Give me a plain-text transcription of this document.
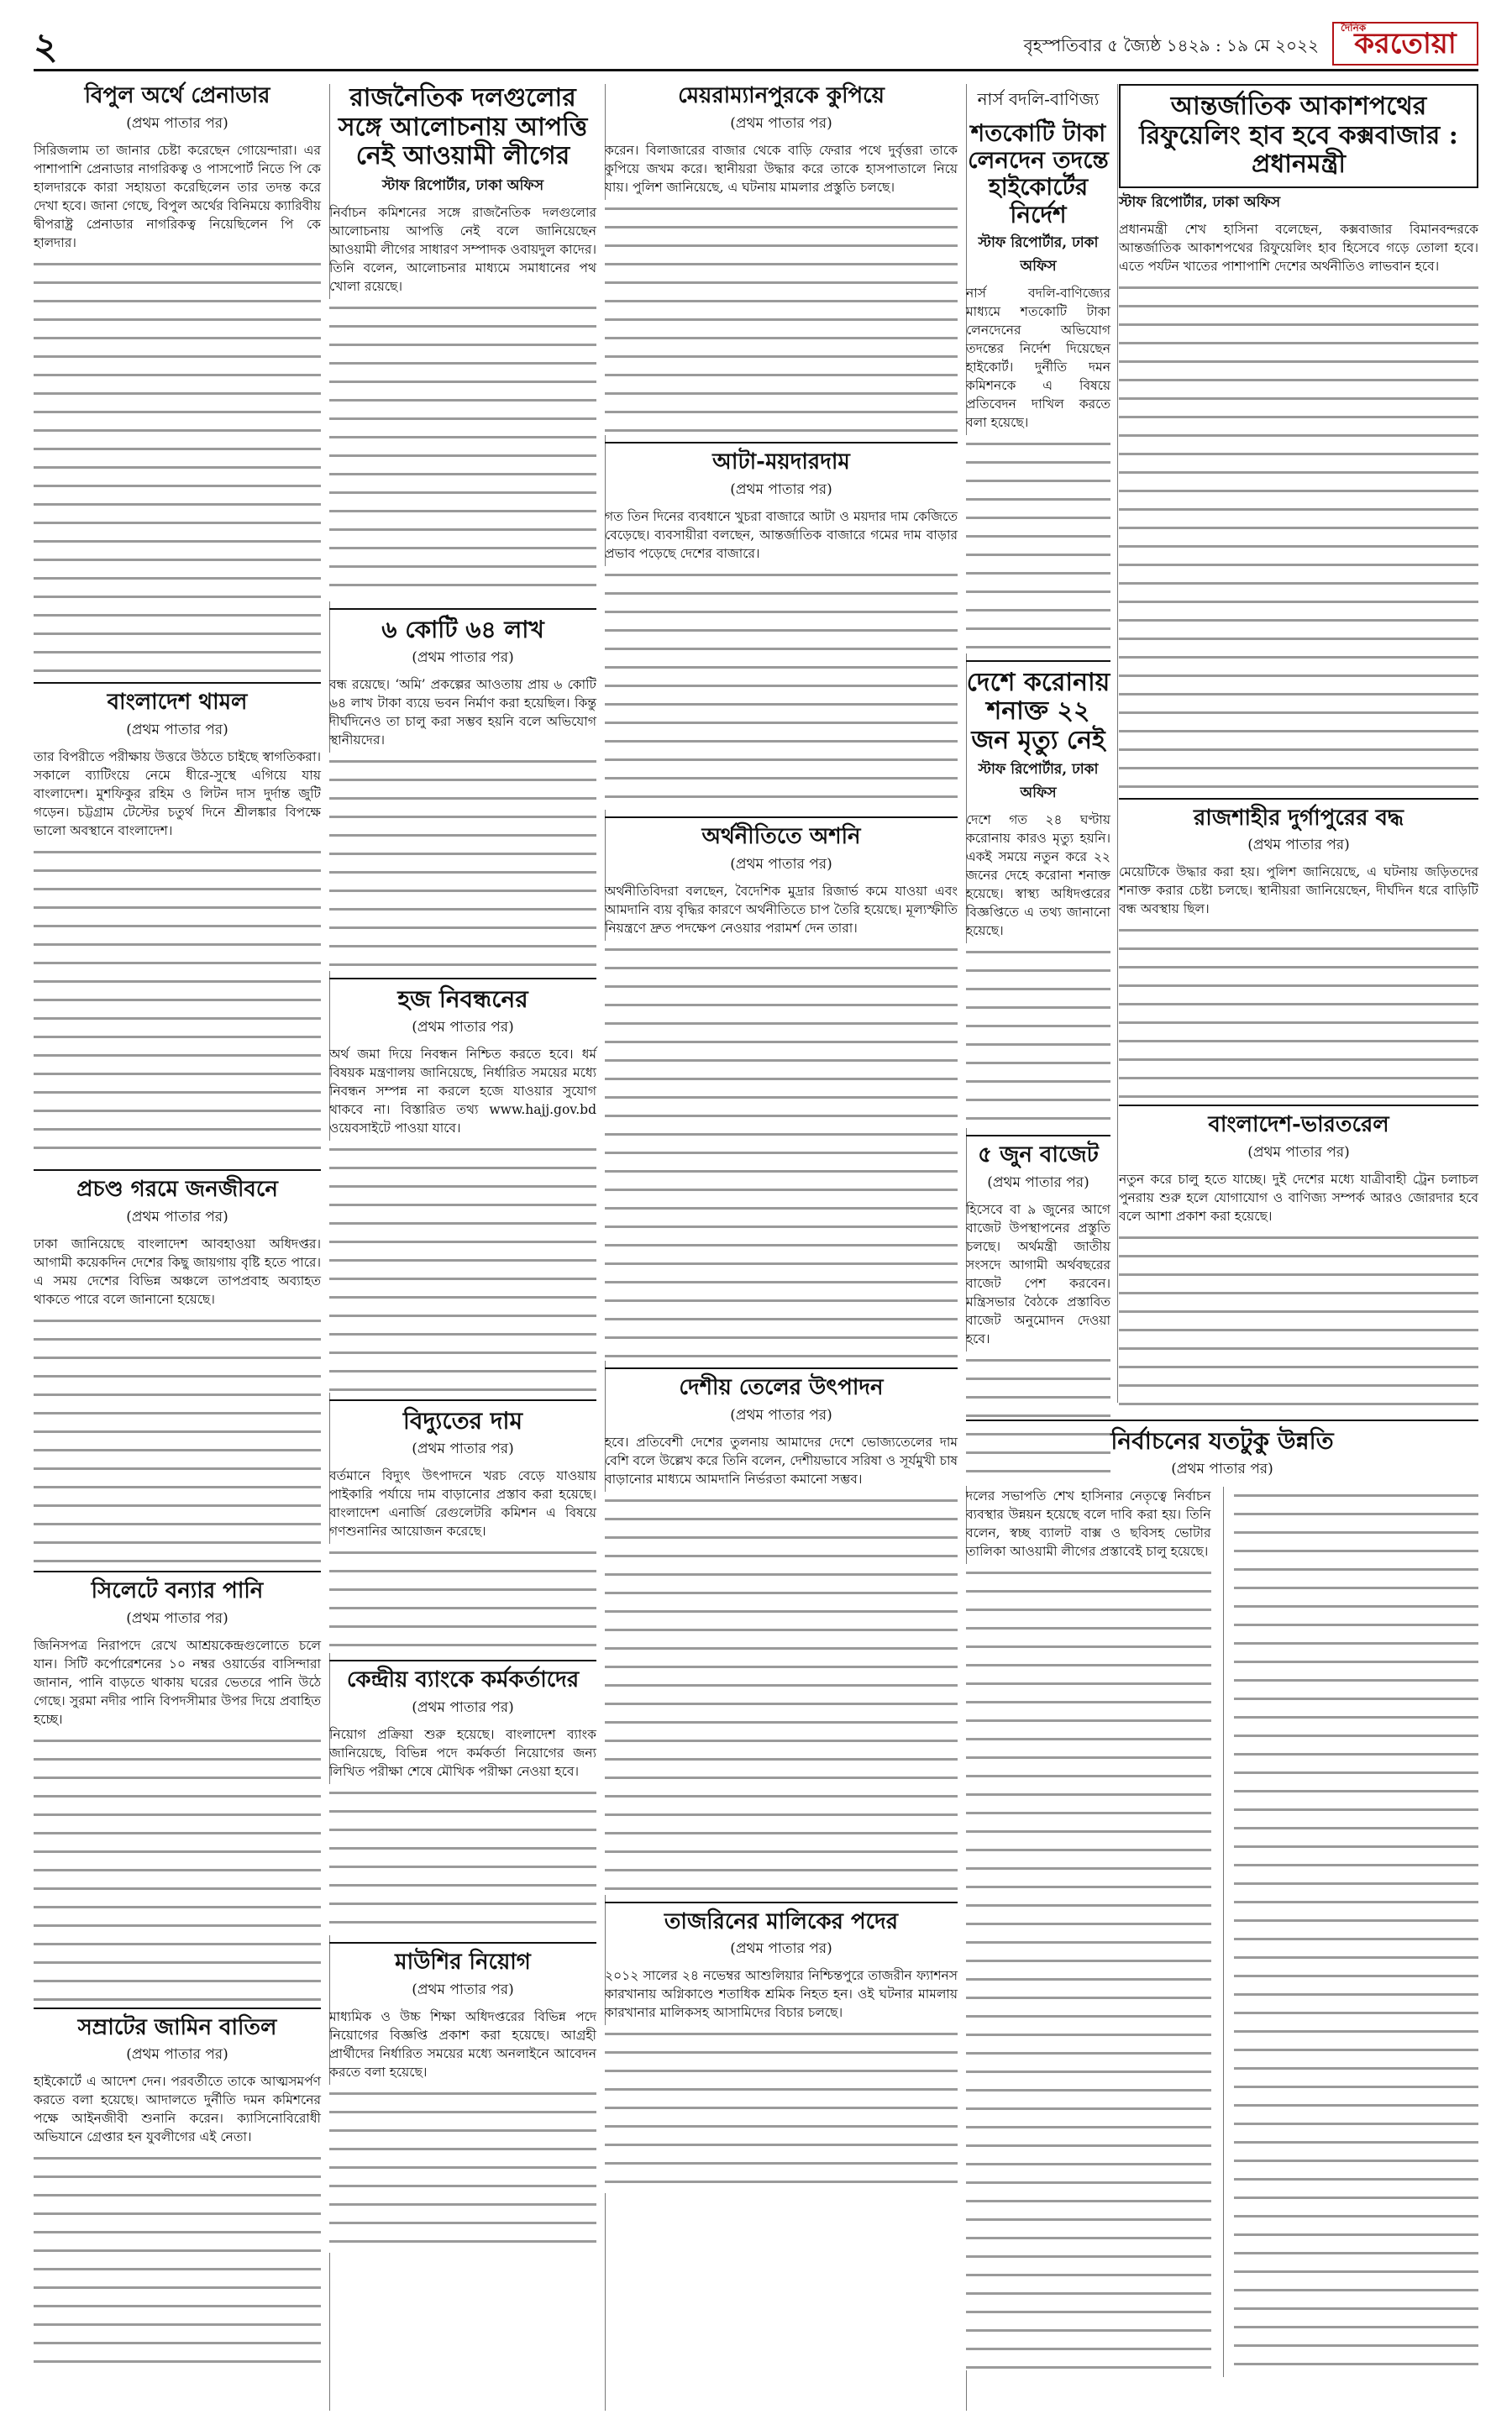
২	বৃহস্পতিবার ৫ জ্যৈষ্ঠ ১৪২৯ : ১৯ মে ২০২২
দৈনিক
করতোয়া
বিপুল অর্থে প্রেনাডার
(প্রথম পাতার পর)

সিরিজলাম তা জানার চেষ্টা করেছেন গোয়েন্দারা। এর পাশাপাশি প্রেনাডার নাগরিকত্ব ও পাসপোর্ট নিতে পি কে হালদারকে কারা সহায়তা করেছিলেন তার তদন্ত করে দেখা হবে। জানা গেছে, বিপুল অর্থের বিনিময়ে ক্যারিবীয় দ্বীপরাষ্ট্র প্রেনাডার নাগরিকত্ব নিয়েছিলেন পি কে হালদার।

বাংলাদেশ থামল
(প্রথম পাতার পর)

তার বিপরীতে পরীক্ষায় উত্তরে উঠতে চাইছে স্বাগতিকরা। সকালে ব্যাটিংয়ে নেমে ধীরে-সুস্থে এগিয়ে যায় বাংলাদেশ। মুশফিকুর রহিম ও লিটন দাস দুর্দান্ত জুটি গড়েন। চট্টগ্রাম টেস্টের চতুর্থ দিনে শ্রীলঙ্কার বিপক্ষে ভালো অবস্থানে বাংলাদেশ।

প্রচণ্ড গরমে জনজীবনে
(প্রথম পাতার পর)

ঢাকা জানিয়েছে বাংলাদেশ আবহাওয়া অধিদপ্তর। আগামী কয়েকদিন দেশের কিছু জায়গায় বৃষ্টি হতে পারে। এ সময় দেশের বিভিন্ন অঞ্চলে তাপপ্রবাহ অব্যাহত থাকতে পারে বলে জানানো হয়েছে।

সিলেটে বন্যার পানি
(প্রথম পাতার পর)

জিনিসপত্র নিরাপদে রেখে আশ্রয়কেন্দ্রগুলোতে চলে যান। সিটি কর্পোরেশনের ১০ নম্বর ওয়ার্ডের বাসিন্দারা জানান, পানি বাড়তে থাকায় ঘরের ভেতরে পানি উঠে গেছে। সুরমা নদীর পানি বিপদসীমার উপর দিয়ে প্রবাহিত হচ্ছে।

সম্রাটের জামিন বাতিল
(প্রথম পাতার পর)

হাইকোর্টে এ আদেশ দেন। পরবর্তীতে তাকে আত্মসমর্পণ করতে বলা হয়েছে। আদালতে দুর্নীতি দমন কমিশনের পক্ষে আইনজীবী শুনানি করেন। ক্যাসিনোবিরোধী অভিযানে গ্রেপ্তার হন যুবলীগের এই নেতা।

রাজনৈতিক দলগুলোর সঙ্গে আলোচনায় আপত্তি নেই আওয়ামী লীগের
স্টাফ রিপোর্টার, ঢাকা অফিস

নির্বাচন কমিশনের সঙ্গে রাজনৈতিক দলগুলোর আলোচনায় আপত্তি নেই বলে জানিয়েছেন আওয়ামী লীগের সাধারণ সম্পাদক ওবায়দুল কাদের। তিনি বলেন, আলোচনার মাধ্যমে সমাধানের পথ খোলা রয়েছে।

৬ কোটি ৬৪ লাখ
(প্রথম পাতার পর)

বন্ধ রয়েছে। ‘অমি’ প্রকল্পের আওতায় প্রায় ৬ কোটি ৬৪ লাখ টাকা ব্যয়ে ভবন নির্মাণ করা হয়েছিল। কিন্তু দীর্ঘদিনেও তা চালু করা সম্ভব হয়নি বলে অভিযোগ স্থানীয়দের।

হজ নিবন্ধনের
(প্রথম পাতার পর)

অর্থ জমা দিয়ে নিবন্ধন নিশ্চিত করতে হবে। ধর্ম বিষয়ক মন্ত্রণালয় জানিয়েছে, নির্ধারিত সময়ের মধ্যে নিবন্ধন সম্পন্ন না করলে হজে যাওয়ার সুযোগ থাকবে না। বিস্তারিত তথ্য www.hajj.gov.bd ওয়েবসাইটে পাওয়া যাবে।

বিদ্যুতের দাম
(প্রথম পাতার পর)

বর্তমানে বিদ্যুৎ উৎপাদনে খরচ বেড়ে যাওয়ায় পাইকারি পর্যায়ে দাম বাড়ানোর প্রস্তাব করা হয়েছে। বাংলাদেশ এনার্জি রেগুলেটরি কমিশন এ বিষয়ে গণশুনানির আয়োজন করেছে।

কেন্দ্রীয় ব্যাংকে কর্মকর্তাদের
(প্রথম পাতার পর)

নিয়োগ প্রক্রিয়া শুরু হয়েছে। বাংলাদেশ ব্যাংক জানিয়েছে, বিভিন্ন পদে কর্মকর্তা নিয়োগের জন্য লিখিত পরীক্ষা শেষে মৌখিক পরীক্ষা নেওয়া হবে।

মাউশির নিয়োগ
(প্রথম পাতার পর)

মাধ্যমিক ও উচ্চ শিক্ষা অধিদপ্তরের বিভিন্ন পদে নিয়োগের বিজ্ঞপ্তি প্রকাশ করা হয়েছে। আগ্রহী প্রার্থীদের নির্ধারিত সময়ের মধ্যে অনলাইনে আবেদন করতে বলা হয়েছে।

মেয়রাম্যানপুরকে কুপিয়ে
(প্রথম পাতার পর)

করেন। বিলাজারের বাজার থেকে বাড়ি ফেরার পথে দুর্বৃত্তরা তাকে কুপিয়ে জখম করে। স্থানীয়রা উদ্ধার করে তাকে হাসপাতালে নিয়ে যায়। পুলিশ জানিয়েছে, এ ঘটনায় মামলার প্রস্তুতি চলছে।

আটা-ময়দারদাম
(প্রথম পাতার পর)

গত তিন দিনের ব্যবধানে খুচরা বাজারে আটা ও ময়দার দাম কেজিতে বেড়েছে। ব্যবসায়ীরা বলছেন, আন্তর্জাতিক বাজারে গমের দাম বাড়ার প্রভাব পড়েছে দেশের বাজারে।

অর্থনীতিতে অশনি
(প্রথম পাতার পর)

অর্থনীতিবিদরা বলছেন, বৈদেশিক মুদ্রার রিজার্ভ কমে যাওয়া এবং আমদানি ব্যয় বৃদ্ধির কারণে অর্থনীতিতে চাপ তৈরি হয়েছে। মূল্যস্ফীতি নিয়ন্ত্রণে দ্রুত পদক্ষেপ নেওয়ার পরামর্শ দেন তারা।

দেশীয় তেলের উৎপাদন
(প্রথম পাতার পর)

হবে। প্রতিবেশী দেশের তুলনায় আমাদের দেশে ভোজ্যতেলের দাম বেশি বলে উল্লেখ করে তিনি বলেন, দেশীয়ভাবে সরিষা ও সূর্যমুখী চাষ বাড়ানোর মাধ্যমে আমদানি নির্ভরতা কমানো সম্ভব।

তাজরিনের মালিকের পদের
(প্রথম পাতার পর)

২০১২ সালের ২৪ নভেম্বর আশুলিয়ার নিশ্চিন্তপুরে তাজরীন ফ্যাশনস কারখানায় অগ্নিকাণ্ডে শতাধিক শ্রমিক নিহত হন। ওই ঘটনার মামলায় কারখানার মালিকসহ আসামিদের বিচার চলছে।

নার্স বদলি-বাণিজ্য
শতকোটি টাকা লেনদেন তদন্তে হাইকোর্টের নির্দেশ
স্টাফ রিপোর্টার, ঢাকা অফিস

নার্স বদলি-বাণিজ্যের মাধ্যমে শতকোটি টাকা লেনদেনের অভিযোগ তদন্তের নির্দেশ দিয়েছেন হাইকোর্ট। দুর্নীতি দমন কমিশনকে এ বিষয়ে প্রতিবেদন দাখিল করতে বলা হয়েছে।

দেশে করোনায় শনাক্ত ২২ জন মৃত্যু নেই
স্টাফ রিপোর্টার, ঢাকা অফিস

দেশে গত ২৪ ঘণ্টায় করোনায় কারও মৃত্যু হয়নি। একই সময়ে নতুন করে ২২ জনের দেহে করোনা শনাক্ত হয়েছে। স্বাস্থ্য অধিদপ্তরের বিজ্ঞপ্তিতে এ তথ্য জানানো হয়েছে।

৫ জুন বাজেট
(প্রথম পাতার পর)

হিসেবে বা ৯ জুনের আগে বাজেট উপস্থাপনের প্রস্তুতি চলছে। অর্থমন্ত্রী জাতীয় সংসদে আগামী অর্থবছরের বাজেট পেশ করবেন। মন্ত্রিসভার বৈঠকে প্রস্তাবিত বাজেট অনুমোদন দেওয়া হবে।

আন্তর্জাতিক আকাশপথের রিফুয়েলিং হাব হবে কক্সবাজার : প্রধানমন্ত্রী
স্টাফ রিপোর্টার, ঢাকা অফিস

প্রধানমন্ত্রী শেখ হাসিনা বলেছেন, কক্সবাজার বিমানবন্দরকে আন্তর্জাতিক আকাশপথের রিফুয়েলিং হাব হিসেবে গড়ে তোলা হবে। এতে পর্যটন খাতের পাশাপাশি দেশের অর্থনীতিও লাভবান হবে।

রাজশাহীর দুর্গাপুরের বদ্ধ
(প্রথম পাতার পর)

মেয়েটিকে উদ্ধার করা হয়। পুলিশ জানিয়েছে, এ ঘটনায় জড়িতদের শনাক্ত করার চেষ্টা চলছে। স্থানীয়রা জানিয়েছেন, দীর্ঘদিন ধরে বাড়িটি বন্ধ অবস্থায় ছিল।

বাংলাদেশ-ভারতরেল
(প্রথম পাতার পর)

নতুন করে চালু হতে যাচ্ছে। দুই দেশের মধ্যে যাত্রীবাহী ট্রেন চলাচল পুনরায় শুরু হলে যোগাযোগ ও বাণিজ্য সম্পর্ক আরও জোরদার হবে বলে আশা প্রকাশ করা হয়েছে।

নির্বাচনের যতটুকু উন্নতি
(প্রথম পাতার পর)

দলের সভাপতি শেখ হাসিনার নেতৃত্বে নির্বাচন ব্যবস্থার উন্নয়ন হয়েছে বলে দাবি করা হয়। তিনি বলেন, স্বচ্ছ ব্যালট বাক্স ও ছবিসহ ভোটার তালিকা আওয়ামী লীগের প্রস্তাবেই চালু হয়েছে।
